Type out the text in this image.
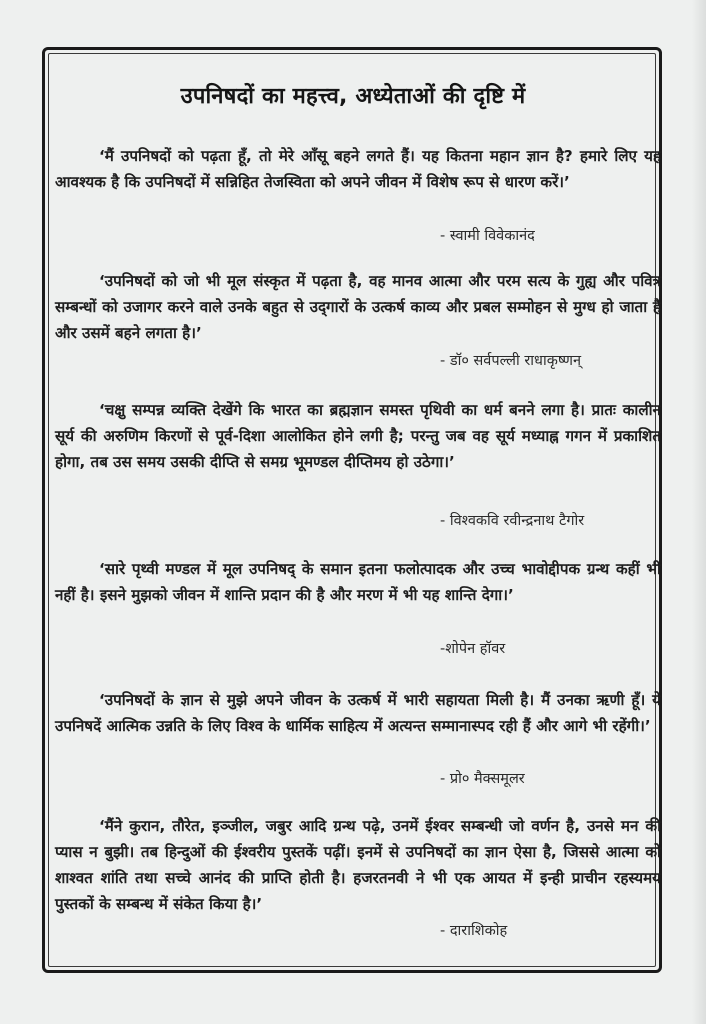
उपनिषदों का महत्त्व, अध्येताओं की दृष्टि में
‘मैं उपनिषदों को पढ़ता हूँ, तो मेरे आँसू बहने लगते हैं। यह कितना महान ज्ञान है? हमारे लिए यह आवश्यक है कि उपनिषदों में सन्निहित तेजस्विता को अपने जीवन में विशेष रूप से धारण करें।’
- स्वामी विवेकानंद
‘उपनिषदों को जो भी मूल संस्कृत में पढ़ता है, वह मानव आत्मा और परम सत्य के गुह्य और पवित्र सम्बन्धों को उजागर करने वाले उनके बहुत से उद्‌गारों के उत्कर्ष काव्य और प्रबल सम्मोहन से मुग्ध हो जाता है और उसमें बहने लगता है।’
- डॉ० सर्वपल्ली राधाकृष्णन्
‘चक्षु सम्पन्न व्यक्ति देखेंगे कि भारत का ब्रह्मज्ञान समस्त पृथिवी का धर्म बनने लगा है। प्रातः कालीन सूर्य की अरुणिम किरणों से पूर्व-दिशा आलोकित होने लगी है; परन्तु जब वह सूर्य मध्याह्न गगन में प्रकाशित होगा, तब उस समय उसकी दीप्ति से समग्र भूमण्डल दीप्तिमय हो उठेगा।’
- विश्वकवि रवीन्द्रनाथ टैगोर
‘सारे पृथ्वी मण्डल में मूल उपनिषद् के समान इतना फलोत्पादक और उच्च भावोद्दीपक ग्रन्थ कहीं भी नहीं है। इसने मुझको जीवन में शान्ति प्रदान की है और मरण में भी यह शान्ति देगा।’
-शोपेन हॉवर
‘उपनिषदों के ज्ञान से मुझे अपने जीवन के उत्कर्ष में भारी सहायता मिली है। मैं उनका ऋणी हूँ। ये उपनिषदें आत्मिक उन्नति के लिए विश्व के धार्मिक साहित्य में अत्यन्त सम्मानास्पद रही हैं और आगे भी रहेंगी।’
- प्रो० मैक्समूलर
‘मैंने कुरान, तौरेत, इञ्जील, जबुर आदि ग्रन्थ पढ़े, उनमें ईश्वर सम्बन्धी जो वर्णन है, उनसे मन की प्यास न बुझी। तब हिन्दुओं की ईश्वरीय पुस्तकें पढ़ीं। इनमें से उपनिषदों का ज्ञान ऐसा है, जिससे आत्मा को शाश्वत शांति तथा सच्चे आनंद की प्राप्ति होती है। हजरतनवी ने भी एक आयत में इन्ही प्राचीन रहस्यमय पुस्तकों के सम्बन्ध में संकेत किया है।’
- दाराशिकोह
